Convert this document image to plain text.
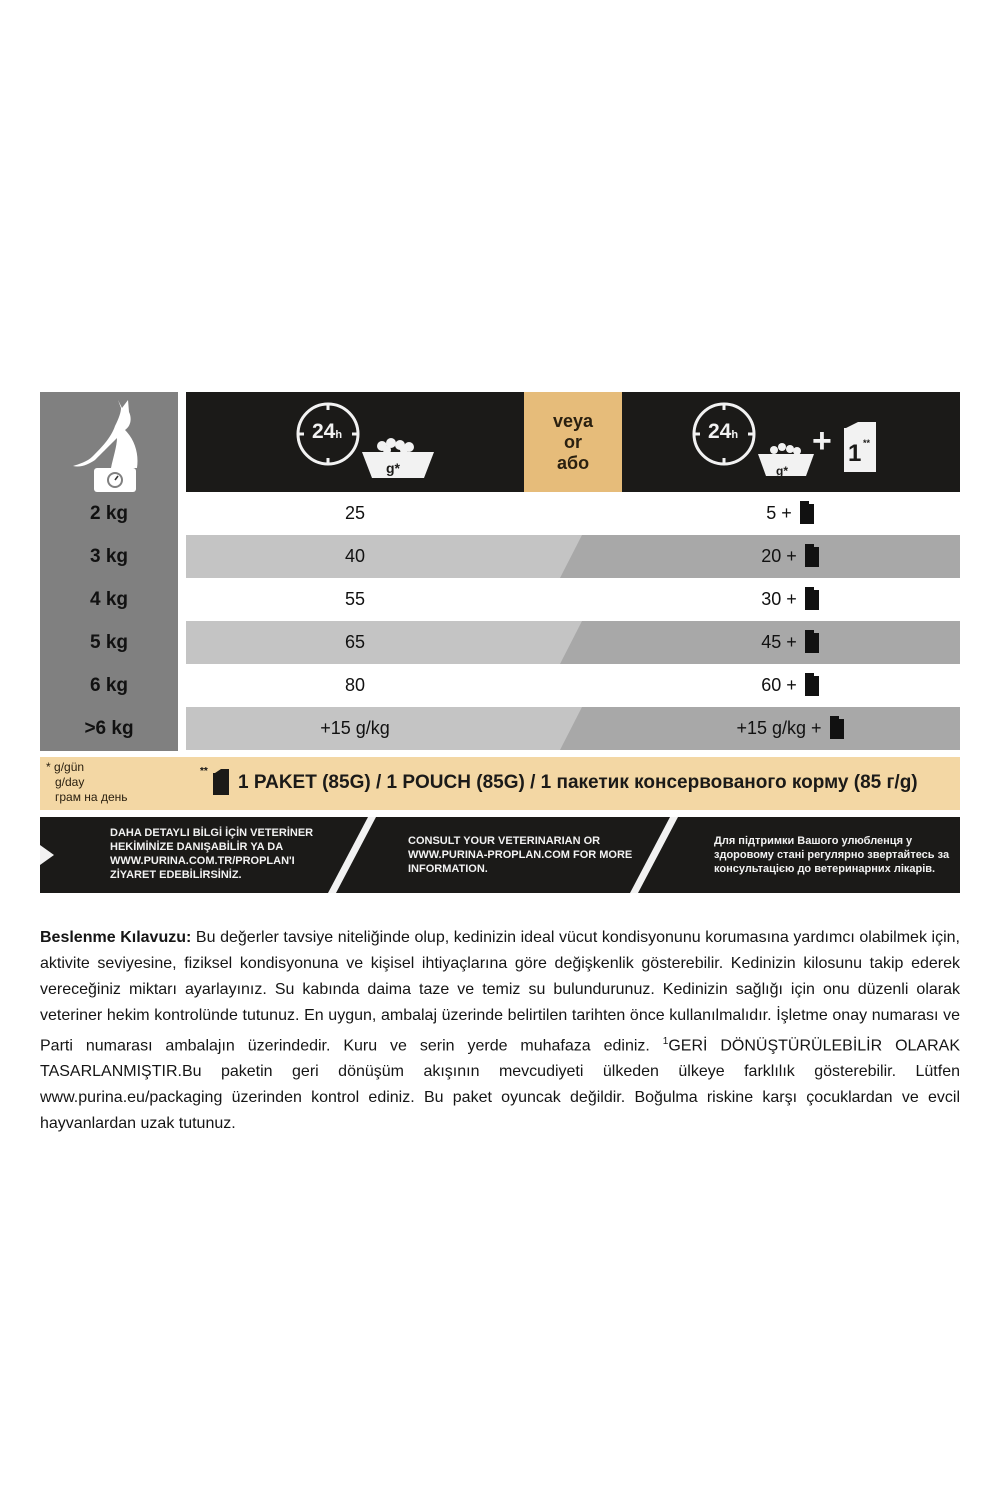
24h
g*
veya
or
або
24h
g*
+ 1 **
2 kg	25	5 +
3 kg	40	20 +
4 kg	55	30 +
5 kg	65	45 +
6 kg	80	60 +
>6 kg	+15 g/kg	+15 g/kg +
* g/gün
g/day
грам на день
**
1 PAKET (85G) / 1 POUCH (85G) / 1 пакетик консервованого корму (85 г/g)
DAHA DETAYLI BİLGİ İÇİN VETERİNER
HEKİMİNİZE DANIŞABİLİR YA DA
WWW.PURINA.COM.TR/PROPLAN'I
ZİYARET EDEBİLİRSİNİZ.
CONSULT YOUR VETERINARIAN OR
WWW.PURINA-PROPLAN.COM FOR MORE
INFORMATION.
Для підтримки Вашого улюбленця у
здоровому стані регулярно звертайтесь за
консультацією до ветеринарних лікарів.
Beslenme Kılavuzu: Bu değerler tavsiye niteliğinde olup, kedinizin ideal vücut kondisyonunu korumasına yardımcı olabilmek için, aktivite seviyesine, fiziksel kondisyonuna ve kişisel ihtiyaçlarına göre değişkenlik gösterebilir. Kedinizin kilosunu takip ederek vereceğiniz miktarı ayarlayınız. Su kabında daima taze ve temiz su bulundurunuz. Kedinizin sağlığı için onu düzenli olarak veteriner hekim kontrolünde tutunuz. En uygun, ambalaj üzerinde belirtilen tarihten önce kullanılmalıdır. İşletme onay numarası ve Parti numarası ambalajın üzerindedir. Kuru ve serin yerde muhafaza ediniz. $^1$GERİ DÖNÜŞTÜRÜLEBİLİR OLARAK TASARLANMIŞTIR.Bu paketin geri dönüşüm akışının mevcudiyeti ülkeden ülkeye farklılık gösterebilir. Lütfen www.purina.eu/packaging üzerinden kontrol ediniz. Bu paket oyuncak değildir. Boğulma riskine karşı çocuklardan ve evcil hayvanlardan uzak tutunuz.
